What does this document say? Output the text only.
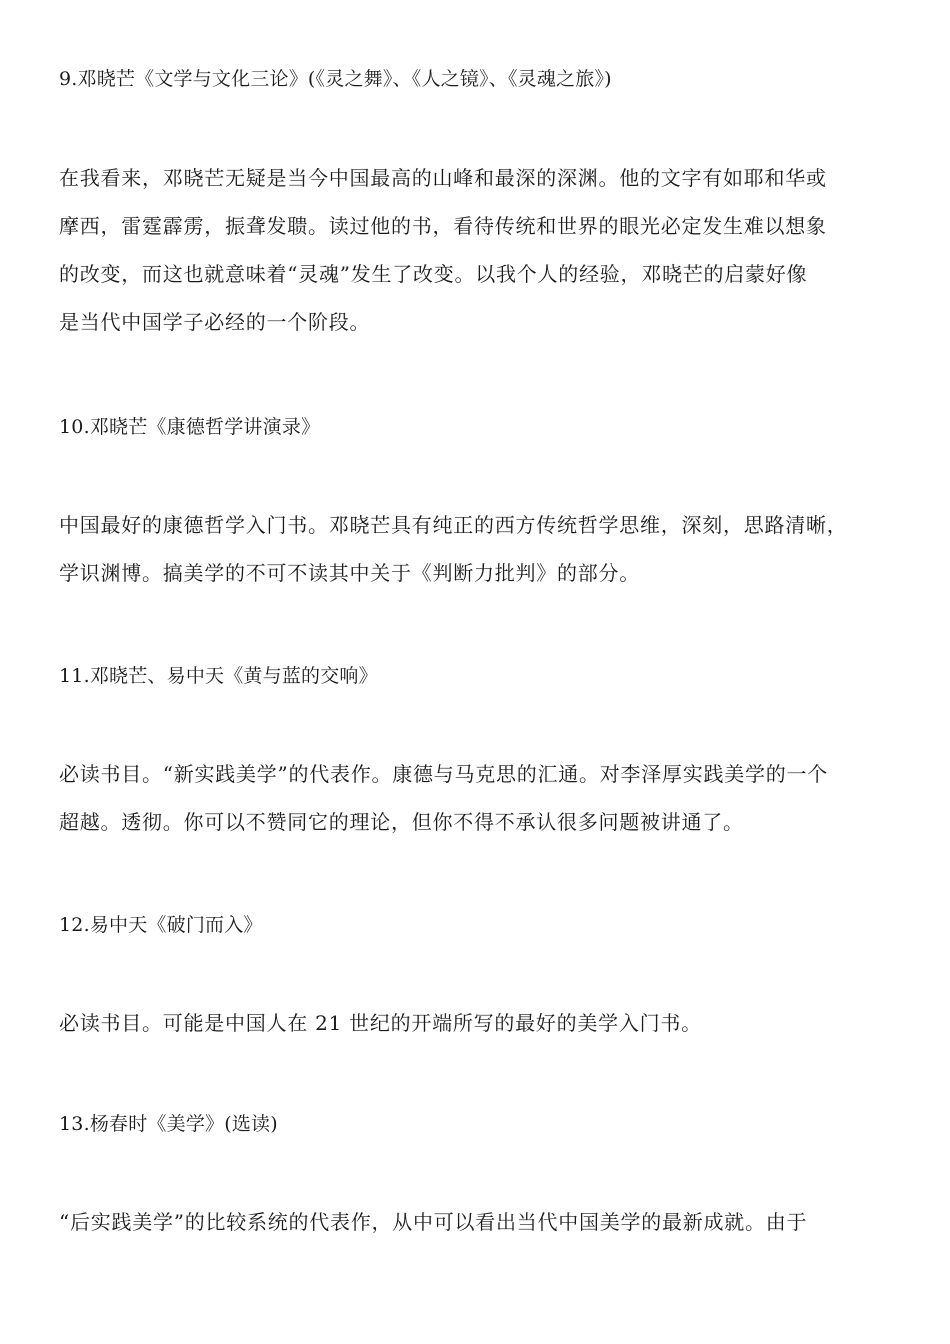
9.邓晓芒《文学与文化三论》(《灵之舞》、《人之镜》、《灵魂之旅》)
在我看来，邓晓芒无疑是当今中国最高的山峰和最深的深渊。他的文字有如耶和华或
摩西，雷霆霹雳，振聋发聩。读过他的书，看待传统和世界的眼光必定发生难以想象
的改变，而这也就意味着“灵魂”发生了改变。以我个人的经验，邓晓芒的启蒙好像
是当代中国学子必经的一个阶段。
10.邓晓芒《康德哲学讲演录》
中国最好的康德哲学入门书。邓晓芒具有纯正的西方传统哲学思维，深刻，思路清晰，
学识渊博。搞美学的不可不读其中关于《判断力批判》的部分。
11.邓晓芒、易中天《黄与蓝的交响》
必读书目。“新实践美学”的代表作。康德与马克思的汇通。对李泽厚实践美学的一个
超越。透彻。你可以不赞同它的理论，但你不得不承认很多问题被讲通了。
12.易中天《破门而入》
必读书目。可能是中国人在 21 世纪的开端所写的最好的美学入门书。
13.杨春时《美学》(选读)
“后实践美学”的比较系统的代表作，从中可以看出当代中国美学的最新成就。由于
